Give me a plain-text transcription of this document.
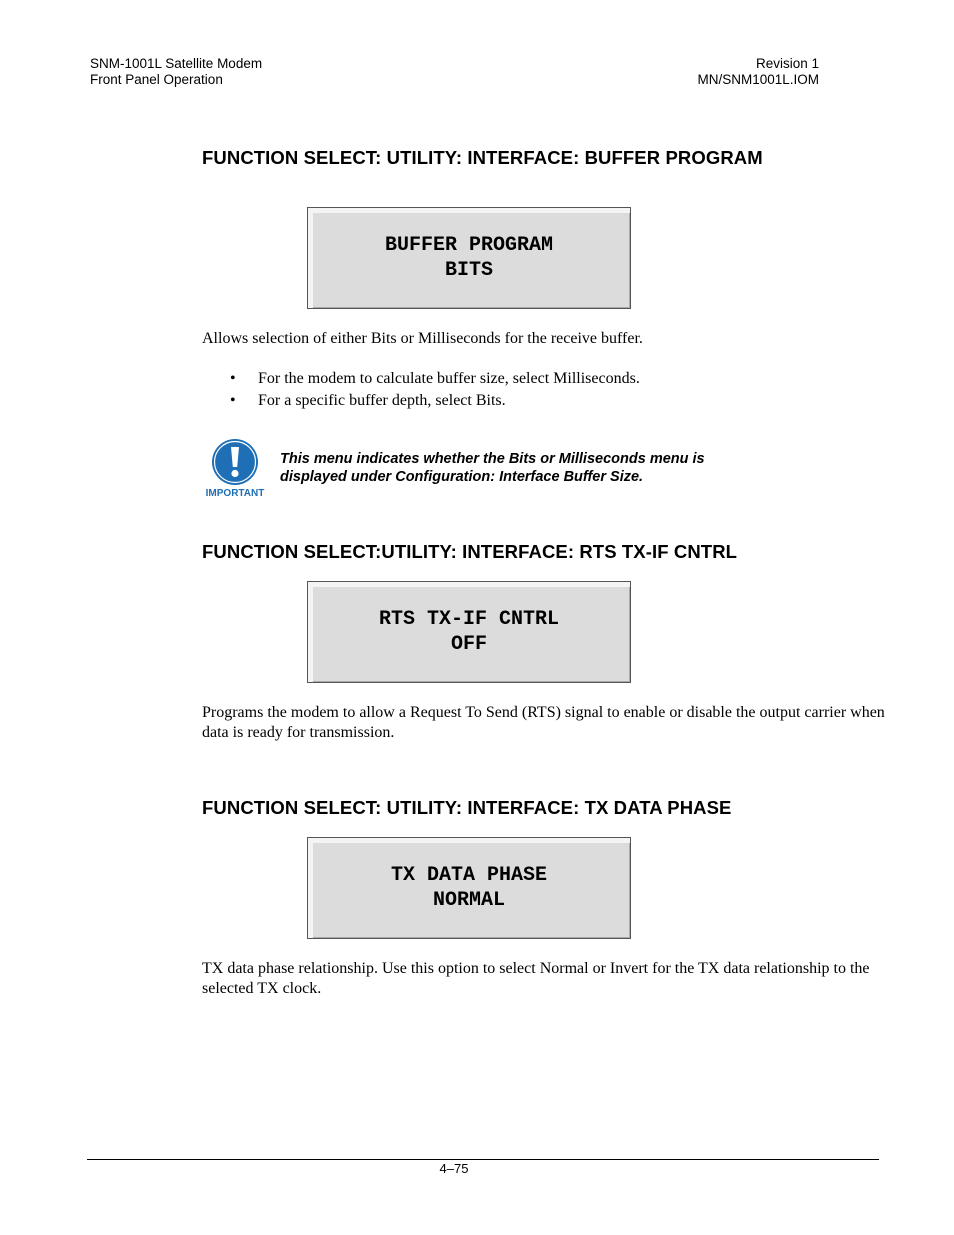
SNM-1001L Satellite Modem
Front Panel Operation
Revision 1
MN/SNM1001L.IOM
FUNCTION SELECT: UTILITY: INTERFACE: BUFFER PROGRAM
BUFFER PROGRAM
BITS

Allows selection of either Bits or Milliseconds for the receive buffer.

• For the modem to calculate buffer size, select Milliseconds.
• For a specific buffer depth, select Bits.
IMPORTANT

This menu indicates whether the Bits or Milliseconds menu is
displayed under Configuration: Interface Buffer Size.

FUNCTION SELECT:UTILITY: INTERFACE: RTS TX-IF CNTRL
RTS TX-IF CNTRL
OFF

Programs the modem to allow a Request To Send (RTS) signal to enable or disable the output carrier when data is ready for transmission.

FUNCTION SELECT: UTILITY: INTERFACE: TX DATA PHASE
TX DATA PHASE
NORMAL

TX data phase relationship. Use this option to select Normal or Invert for the TX data relationship to the selected TX clock.

4–75
